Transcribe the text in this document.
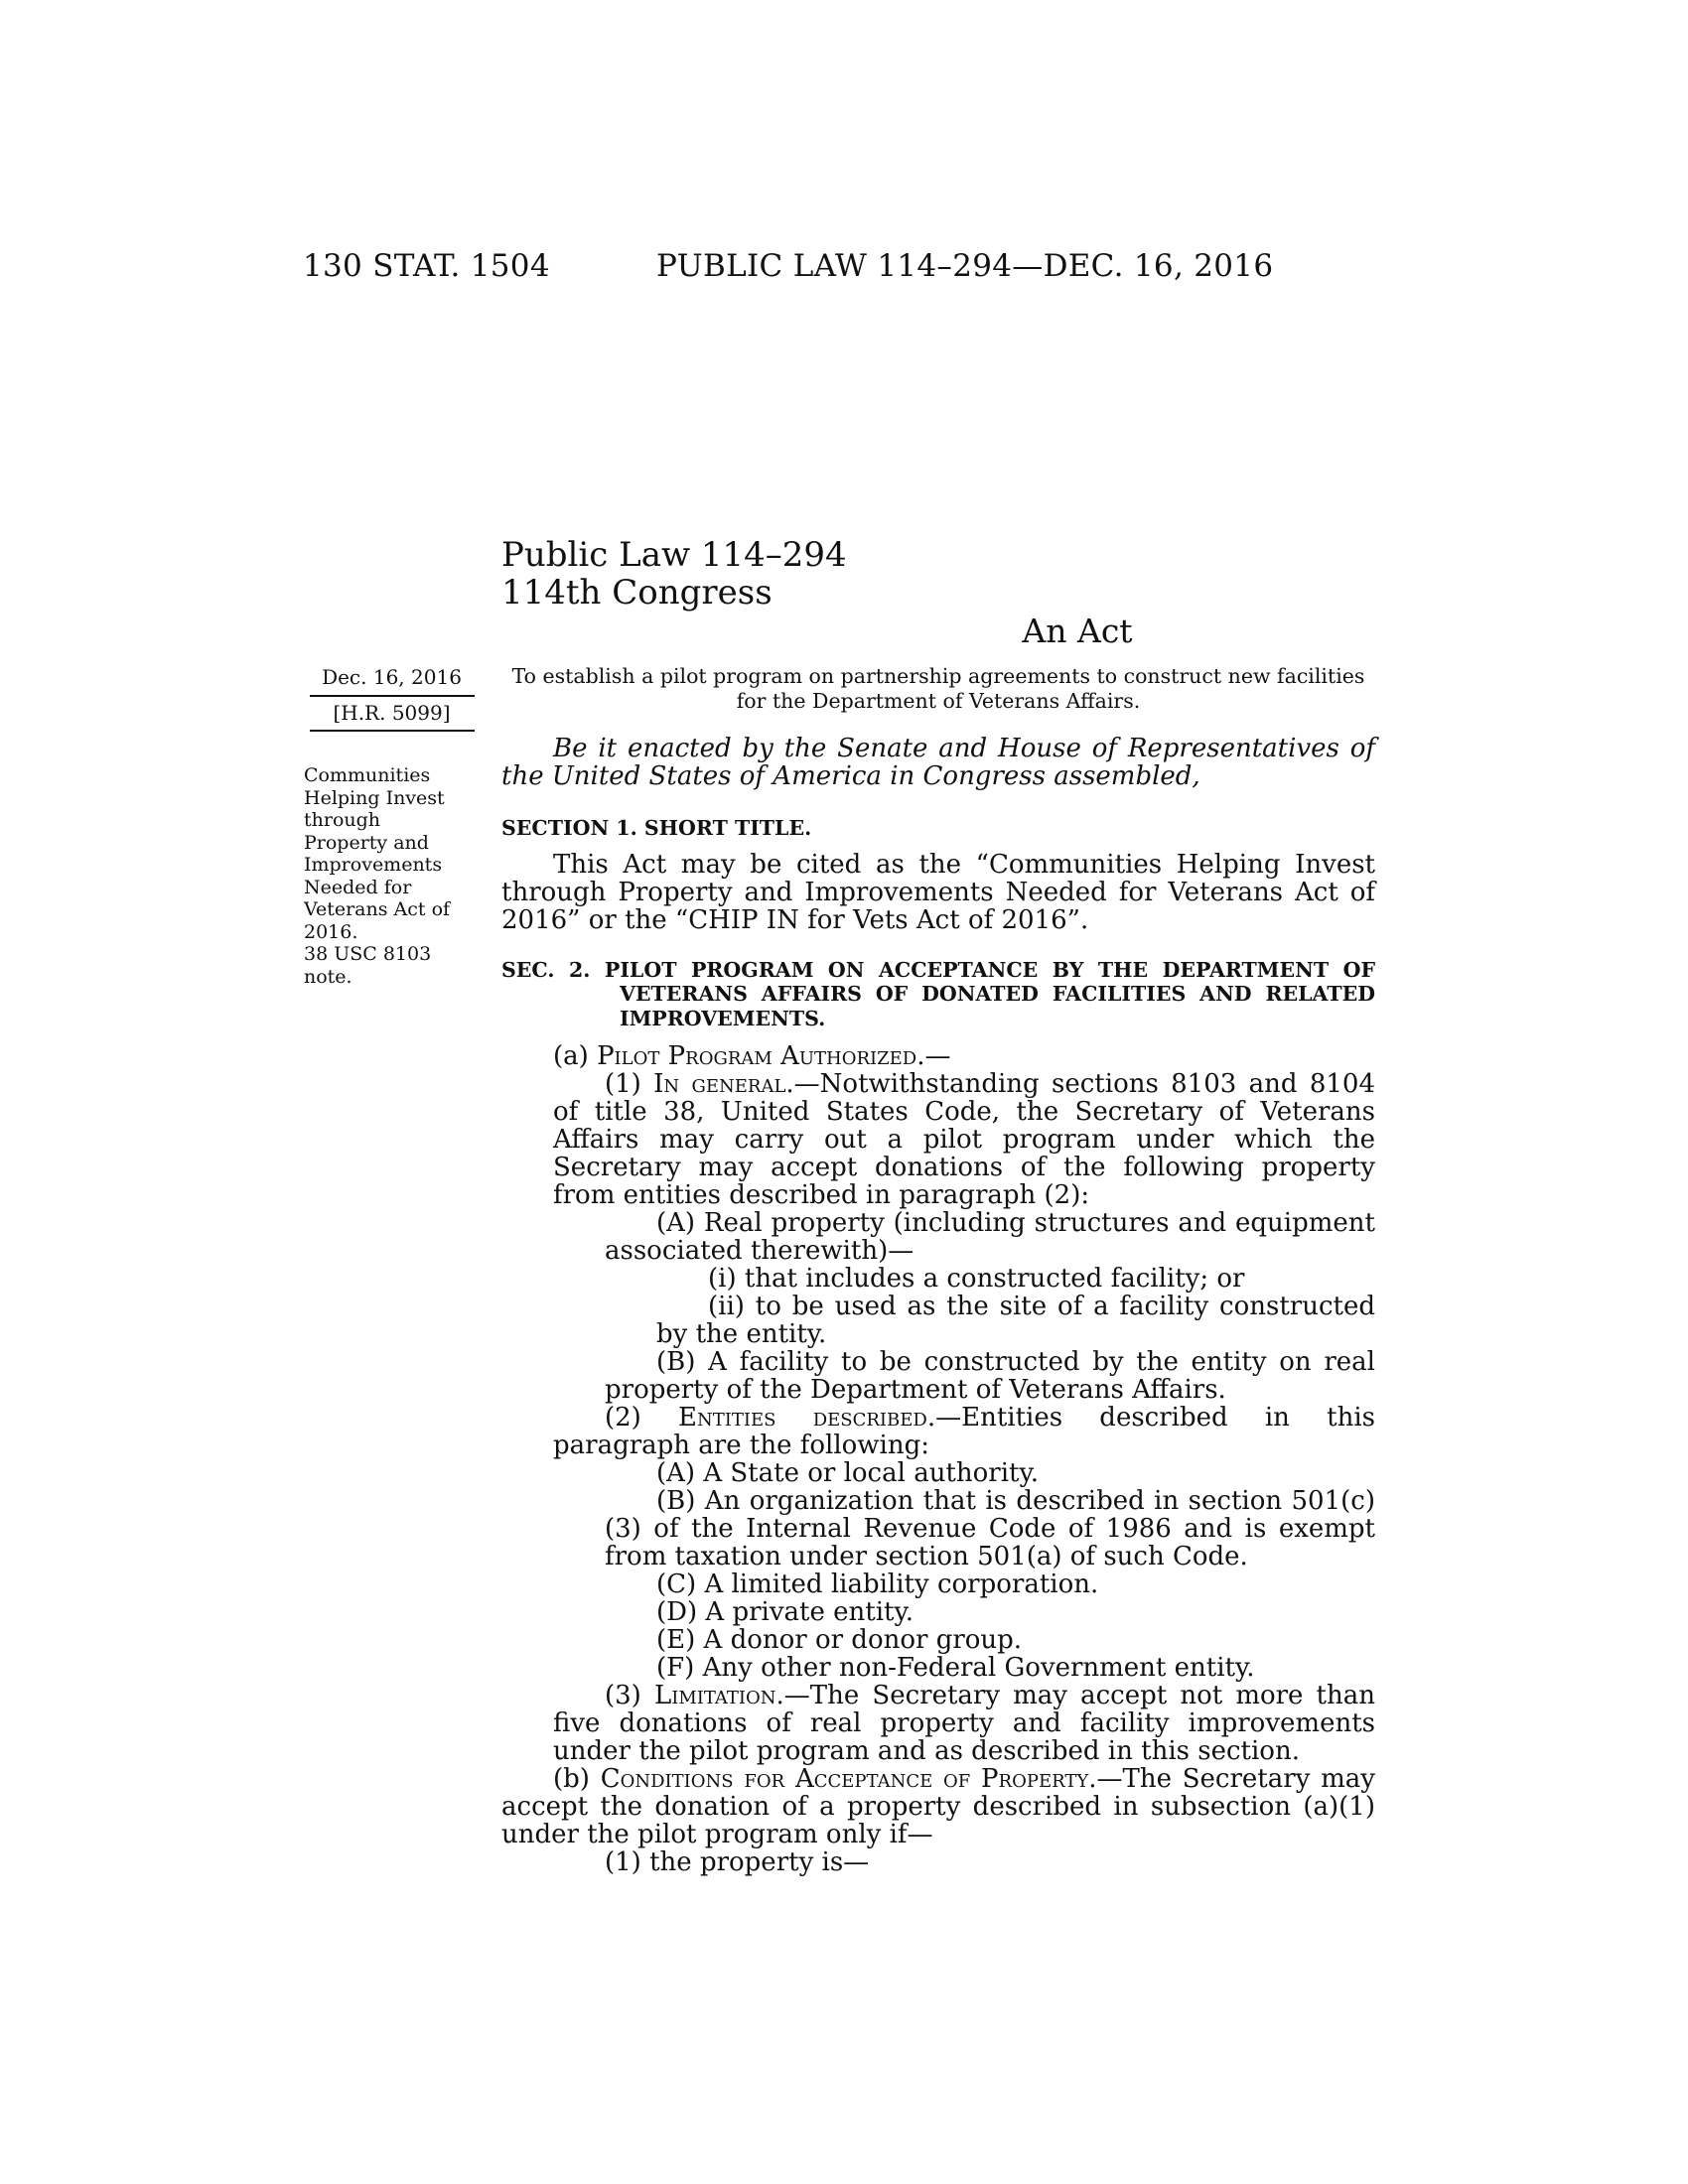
130 STAT. 1504	PUBLIC LAW 114–294—DEC. 16, 2016
Public Law 114–294
114th Congress
An Act
Dec. 16, 2016
[H.R. 5099]
Communities Helping Invest through Property and Improvements Needed for Veterans Act of 2016.
38 USC 8103 note.
To establish a pilot program on partnership agreements to construct new facilities for the Department of Veterans Affairs.

Be it enacted by the Senate and House of Representatives of the United States of America in Congress assembled,

SECTION 1. SHORT TITLE.

This Act may be cited as the “Communities Helping Invest through Property and Improvements Needed for Veterans Act of 2016” or the “CHIP IN for Vets Act of 2016”.

SEC. 2. PILOT PROGRAM ON ACCEPTANCE BY THE DEPARTMENT OF VETERANS AFFAIRS OF DONATED FACILITIES AND RELATED IMPROVEMENTS.

(a) Pilot Program Authorized.—

(1) In general.—Notwithstanding sections 8103 and 8104 of title 38, United States Code, the Secretary of Veterans Affairs may carry out a pilot program under which the Secretary may accept donations of the following property from entities described in paragraph (2):

(A) Real property (including structures and equipment associated therewith)—

(i) that includes a constructed facility; or

(ii) to be used as the site of a facility constructed by the entity.

(B) A facility to be constructed by the entity on real property of the Department of Veterans Affairs.

(2) Entities described.—Entities described in this paragraph are the following:

(A) A State or local authority.

(B) An organization that is described in section 501(c)(3) of the Internal Revenue Code of 1986 and is exempt from taxation under section 501(a) of such Code.

(C) A limited liability corporation.

(D) A private entity.

(E) A donor or donor group.

(F) Any other non-Federal Government entity.

(3) Limitation.—The Secretary may accept not more than five donations of real property and facility improvements under the pilot program and as described in this section.

(b) Conditions for Acceptance of Property.—The Secretary may accept the donation of a property described in subsection (a)(1) under the pilot program only if—

(1) the property is—
